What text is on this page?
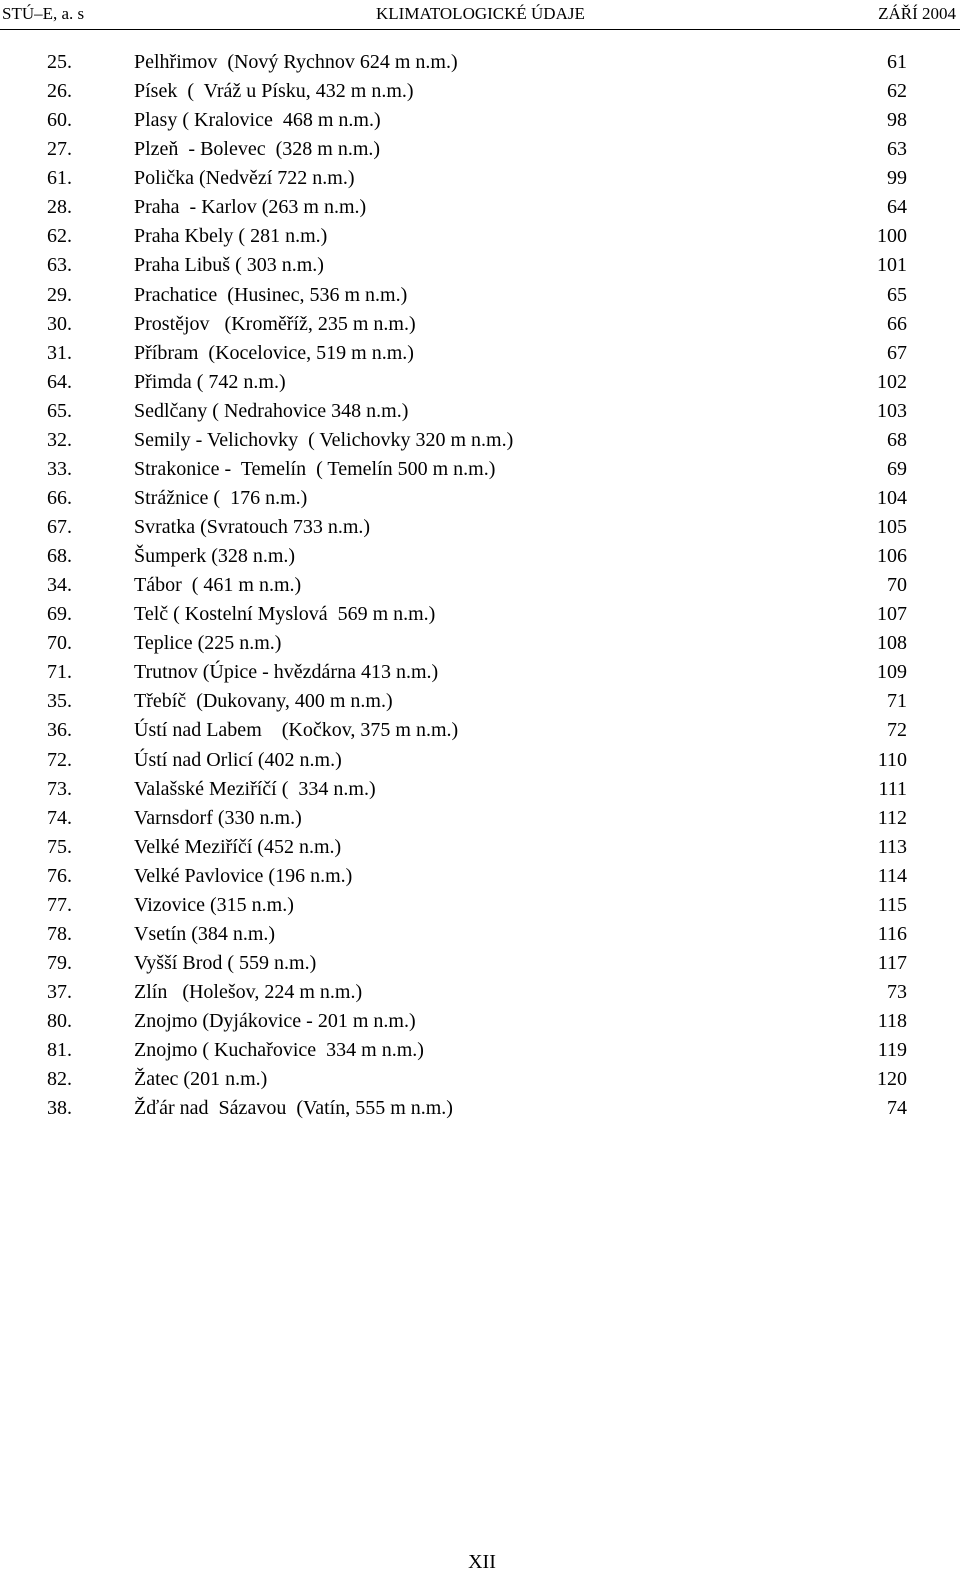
STÚ–E, a. s	KLIMATOLOGICKÉ ÚDAJE	ZÁŘÍ 2004
25.	Pelhřimov  (Nový Rychnov 624 m n.m.)	61
26.	Písek  (  Vráž u Písku, 432 m n.m.)	62
60.	Plasy ( Kralovice  468 m n.m.)	98
27.	Plzeň  - Bolevec  (328 m n.m.)	63
61.	Polička (Nedvězí 722 n.m.)	99
28.	Praha  - Karlov (263 m n.m.)	64
62.	Praha Kbely ( 281 n.m.)	100
63.	Praha Libuš ( 303 n.m.)	101
29.	Prachatice  (Husinec, 536 m n.m.)	65
30.	Prostějov   (Kroměříž, 235 m n.m.)	66
31.	Příbram  (Kocelovice, 519 m n.m.)	67
64.	Přimda ( 742 n.m.)	102
65.	Sedlčany ( Nedrahovice 348 n.m.)	103
32.	Semily - Velichovky  ( Velichovky 320 m n.m.)	68
33.	Strakonice -  Temelín  ( Temelín 500 m n.m.)	69
66.	Strážnice (  176 n.m.)	104
67.	Svratka (Svratouch 733 n.m.)	105
68.	Šumperk (328 n.m.)	106
34.	Tábor  ( 461 m n.m.)	70
69.	Telč ( Kostelní Myslová  569 m n.m.)	107
70.	Teplice (225 n.m.)	108
71.	Trutnov (Úpice - hvězdárna 413 n.m.)	109
35.	Třebíč  (Dukovany, 400 m n.m.)	71
36.	Ústí nad Labem    (Kočkov, 375 m n.m.)	72
72.	Ústí nad Orlicí (402 n.m.)	110
73.	Valašské Meziříčí (  334 n.m.)	111
74.	Varnsdorf (330 n.m.)	112
75.	Velké Meziříčí (452 n.m.)	113
76.	Velké Pavlovice (196 n.m.)	114
77.	Vizovice (315 n.m.)	115
78.	Vsetín (384 n.m.)	116
79.	Vyšší Brod ( 559 n.m.)	117
37.	Zlín   (Holešov, 224 m n.m.)	73
80.	Znojmo (Dyjákovice - 201 m n.m.)	118
81.	Znojmo ( Kuchařovice  334 m n.m.)	119
82.	Žatec (201 n.m.)	120
38.	Žďár nad  Sázavou  (Vatín, 555 m n.m.)	74
XII
